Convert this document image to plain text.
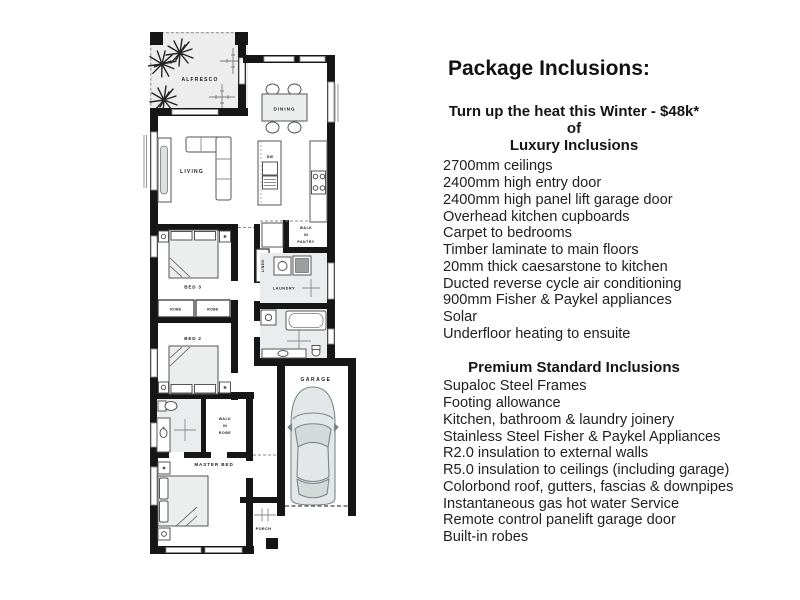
ALFRESCO
DINING
LIVING
DW
BED 3
ROBE	ROBE
BED 2
WALK
IN
PANTRY
LINEN
LAUNDRY
GARAGE
WALK
IN
ROBE
MASTER BED
PORCH
Package Inclusions:
Turn up the heat this Winter - $48k* of
Luxury Inclusions
2700mm ceilings
2400mm high entry door
2400mm high panel lift garage door
Overhead kitchen cupboards
Carpet to bedrooms
Timber laminate to main floors
20mm thick caesarstone to kitchen
Ducted reverse cycle air conditioning
900mm Fisher & Paykel appliances
Solar
Underfloor heating to ensuite
Premium Standard Inclusions
Supaloc Steel Frames
Footing allowance
Kitchen, bathroom & laundry joinery
Stainless Steel Fisher & Paykel Appliances
R2.0 insulation to external walls
R5.0 insulation to ceilings (including garage)
Colorbond roof, gutters, fascias & downpipes
Instantaneous gas hot water Service
Remote control panelift garage door
Built-in robes
